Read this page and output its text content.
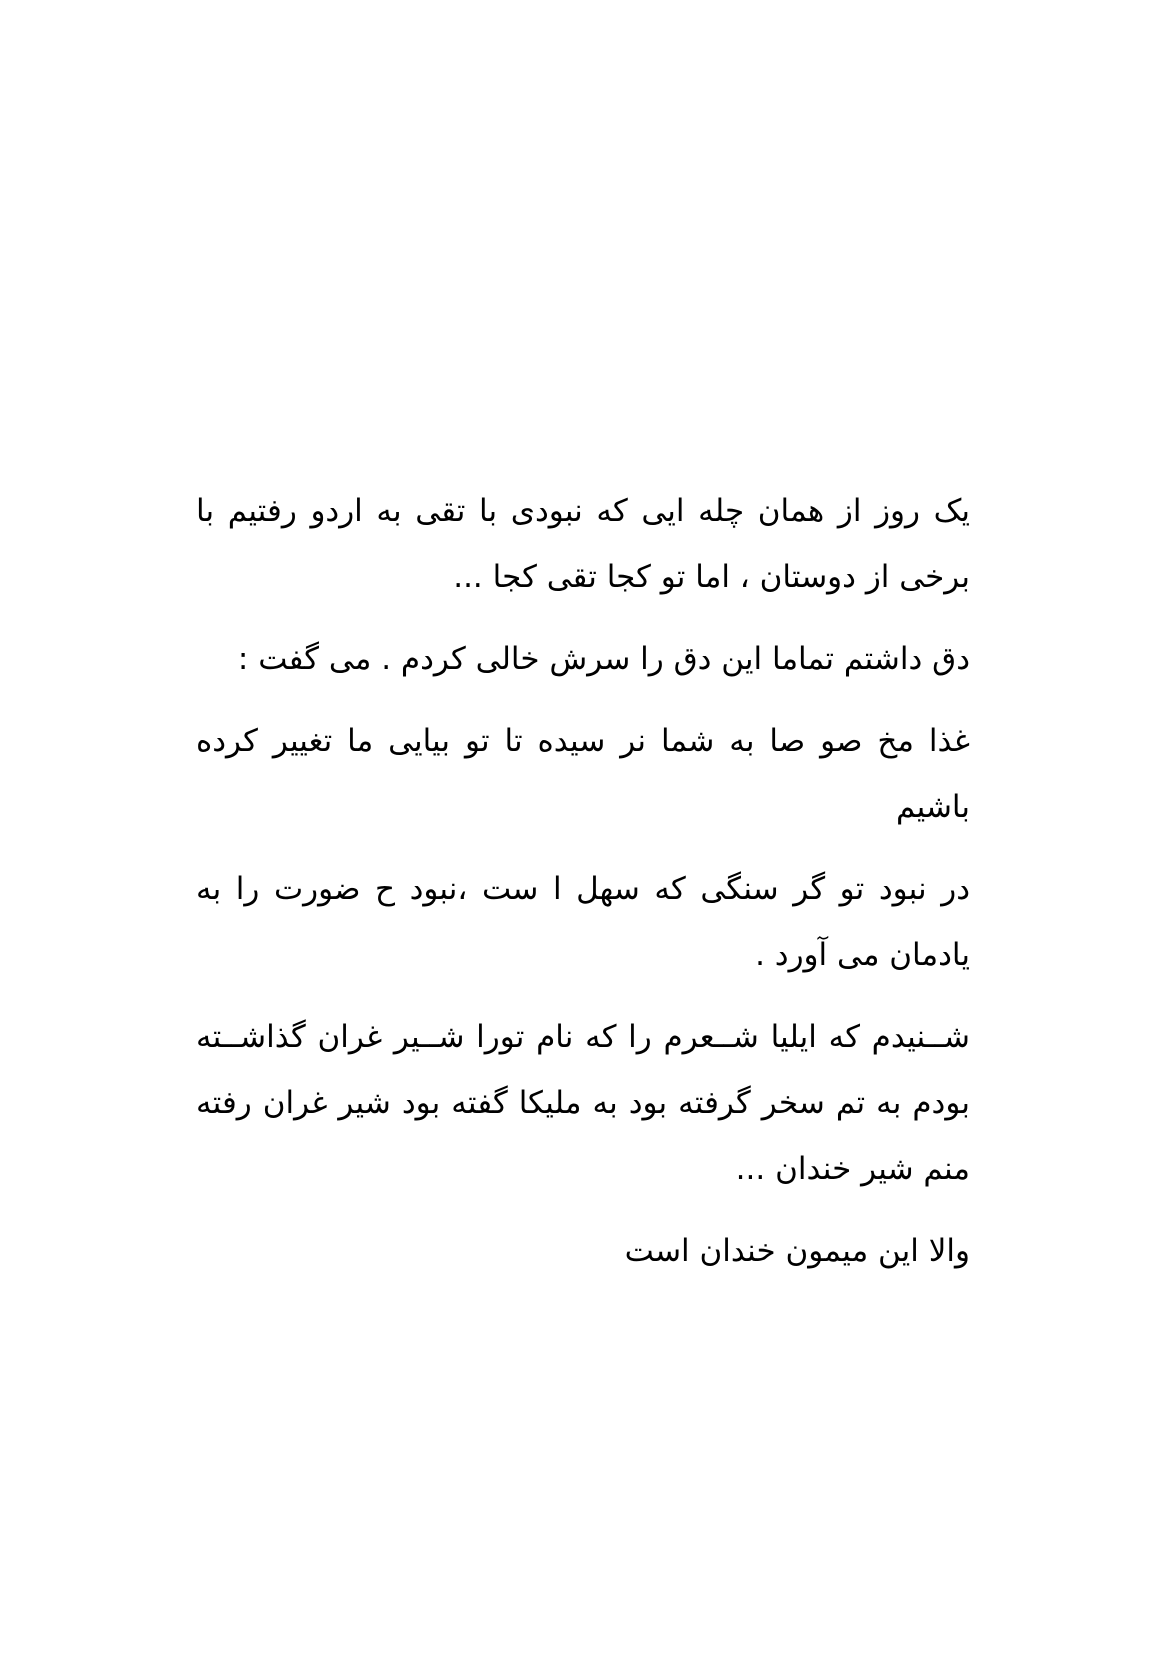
یک روز از همان چله ایی که نبودی با تقی به اردو رفتیم با برخی از دوستان ، اما تو کجا تقی کجا ...

دق داشتم تماما این دق را سرش خالی کردم . می گفت :

غذا مخ صو صا به شما نر سیده تا تو بیایی ما تغییر کرده باشیم

در نبود تو گر سنگی که سهل ا ست ،نبود ح ضورت را به یادمان می آورد .

شــنیدم که ایلیا شــعرم را که نام تورا شــیر غران گذاشــته بودم به تم سخر گرفته بود به ملیکا گفته بود شیر غران رفته منم شیر خندان ...

والا این میمون خندان است
